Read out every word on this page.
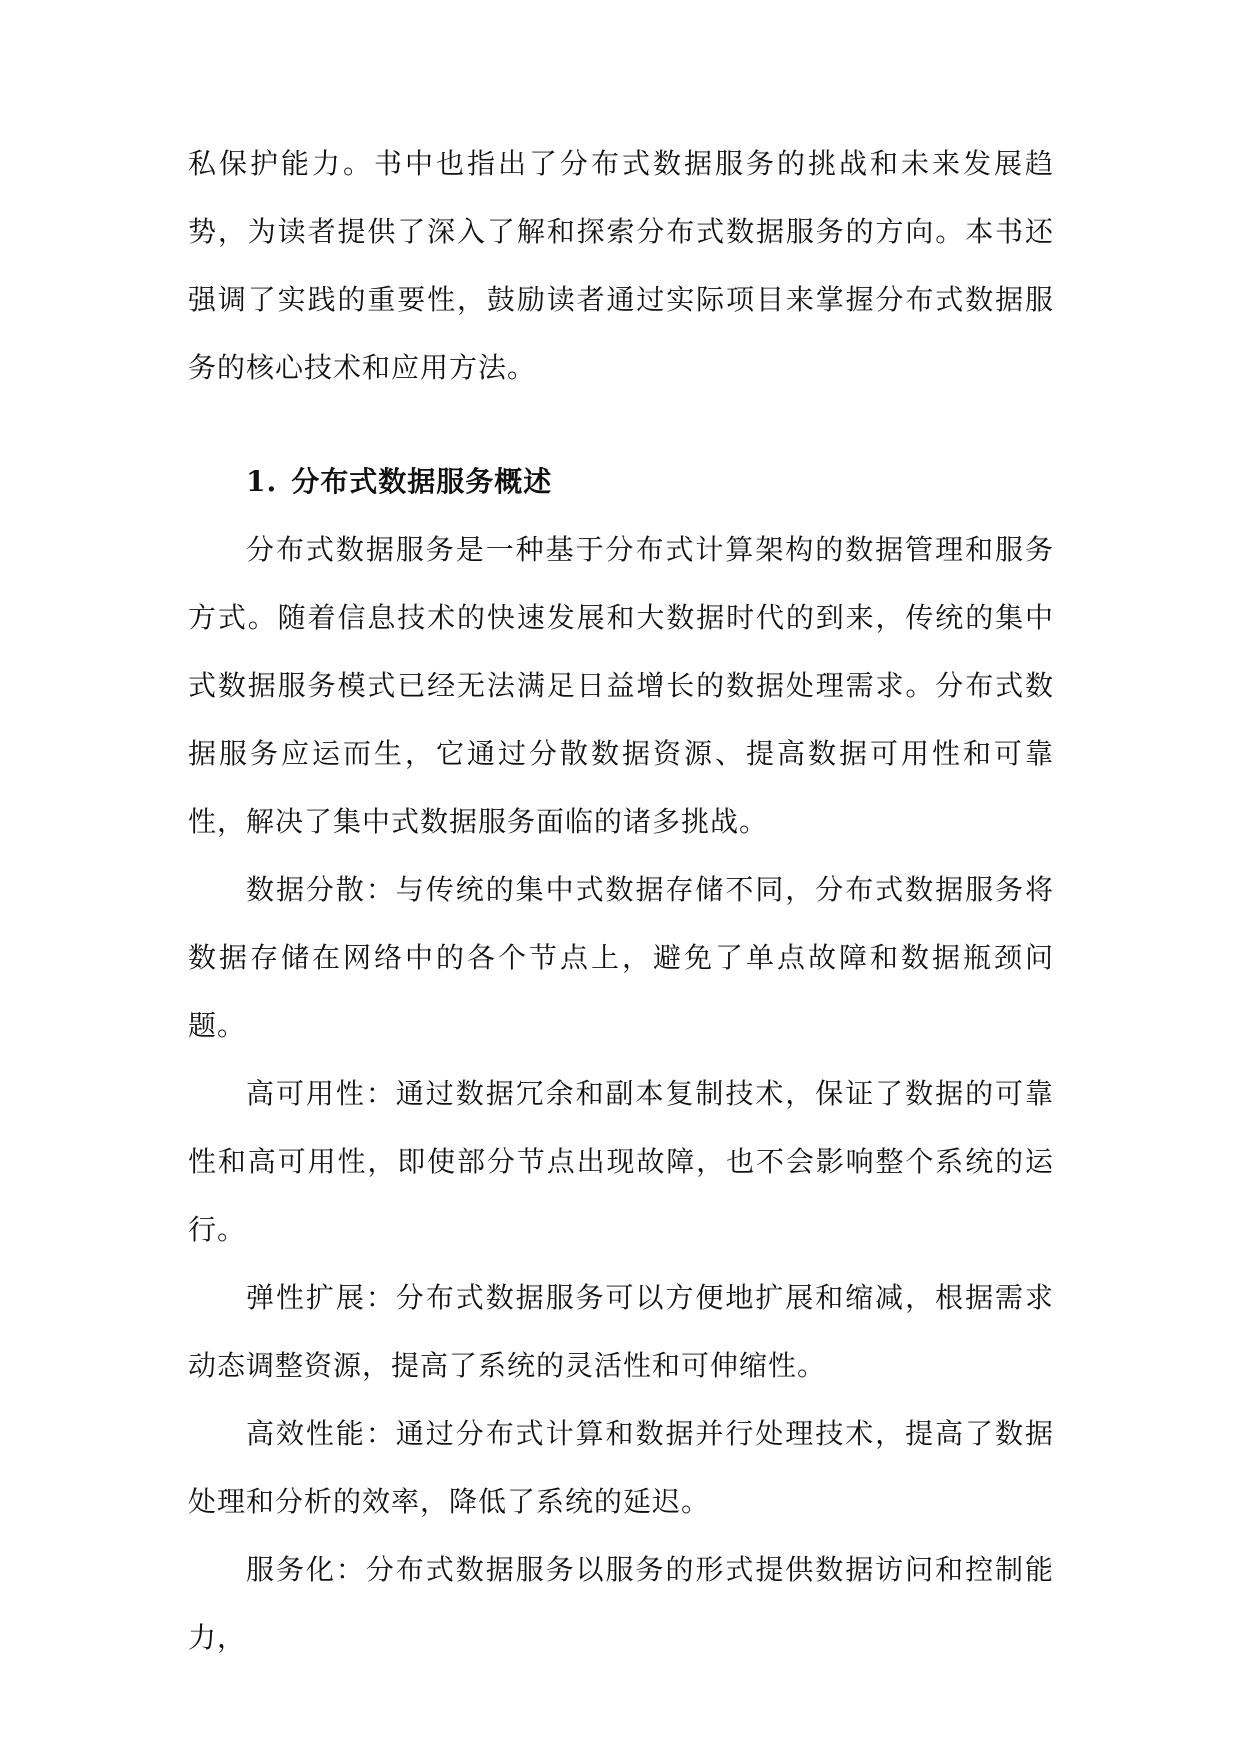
私保护能力。书中也指出了分布式数据服务的挑战和未来发展趋势，为读者提供了深入了解和探索分布式数据服务的方向。本书还强调了实践的重要性，鼓励读者通过实际项目来掌握分布式数据服务的核心技术和应用方法。

1. 分布式数据服务概述

分布式数据服务是一种基于分布式计算架构的数据管理和服务方式。随着信息技术的快速发展和大数据时代的到来，传统的集中式数据服务模式已经无法满足日益增长的数据处理需求。分布式数据服务应运而生，它通过分散数据资源、提高数据可用性和可靠性，解决了集中式数据服务面临的诸多挑战。

数据分散：与传统的集中式数据存储不同，分布式数据服务将数据存储在网络中的各个节点上，避免了单点故障和数据瓶颈问题。

高可用性：通过数据冗余和副本复制技术，保证了数据的可靠性和高可用性，即使部分节点出现故障，也不会影响整个系统的运行。

弹性扩展：分布式数据服务可以方便地扩展和缩减，根据需求动态调整资源，提高了系统的灵活性和可伸缩性。

高效性能：通过分布式计算和数据并行处理技术，提高了数据处理和分析的效率，降低了系统的延迟。

服务化：分布式数据服务以服务的形式提供数据访问和控制能力，
